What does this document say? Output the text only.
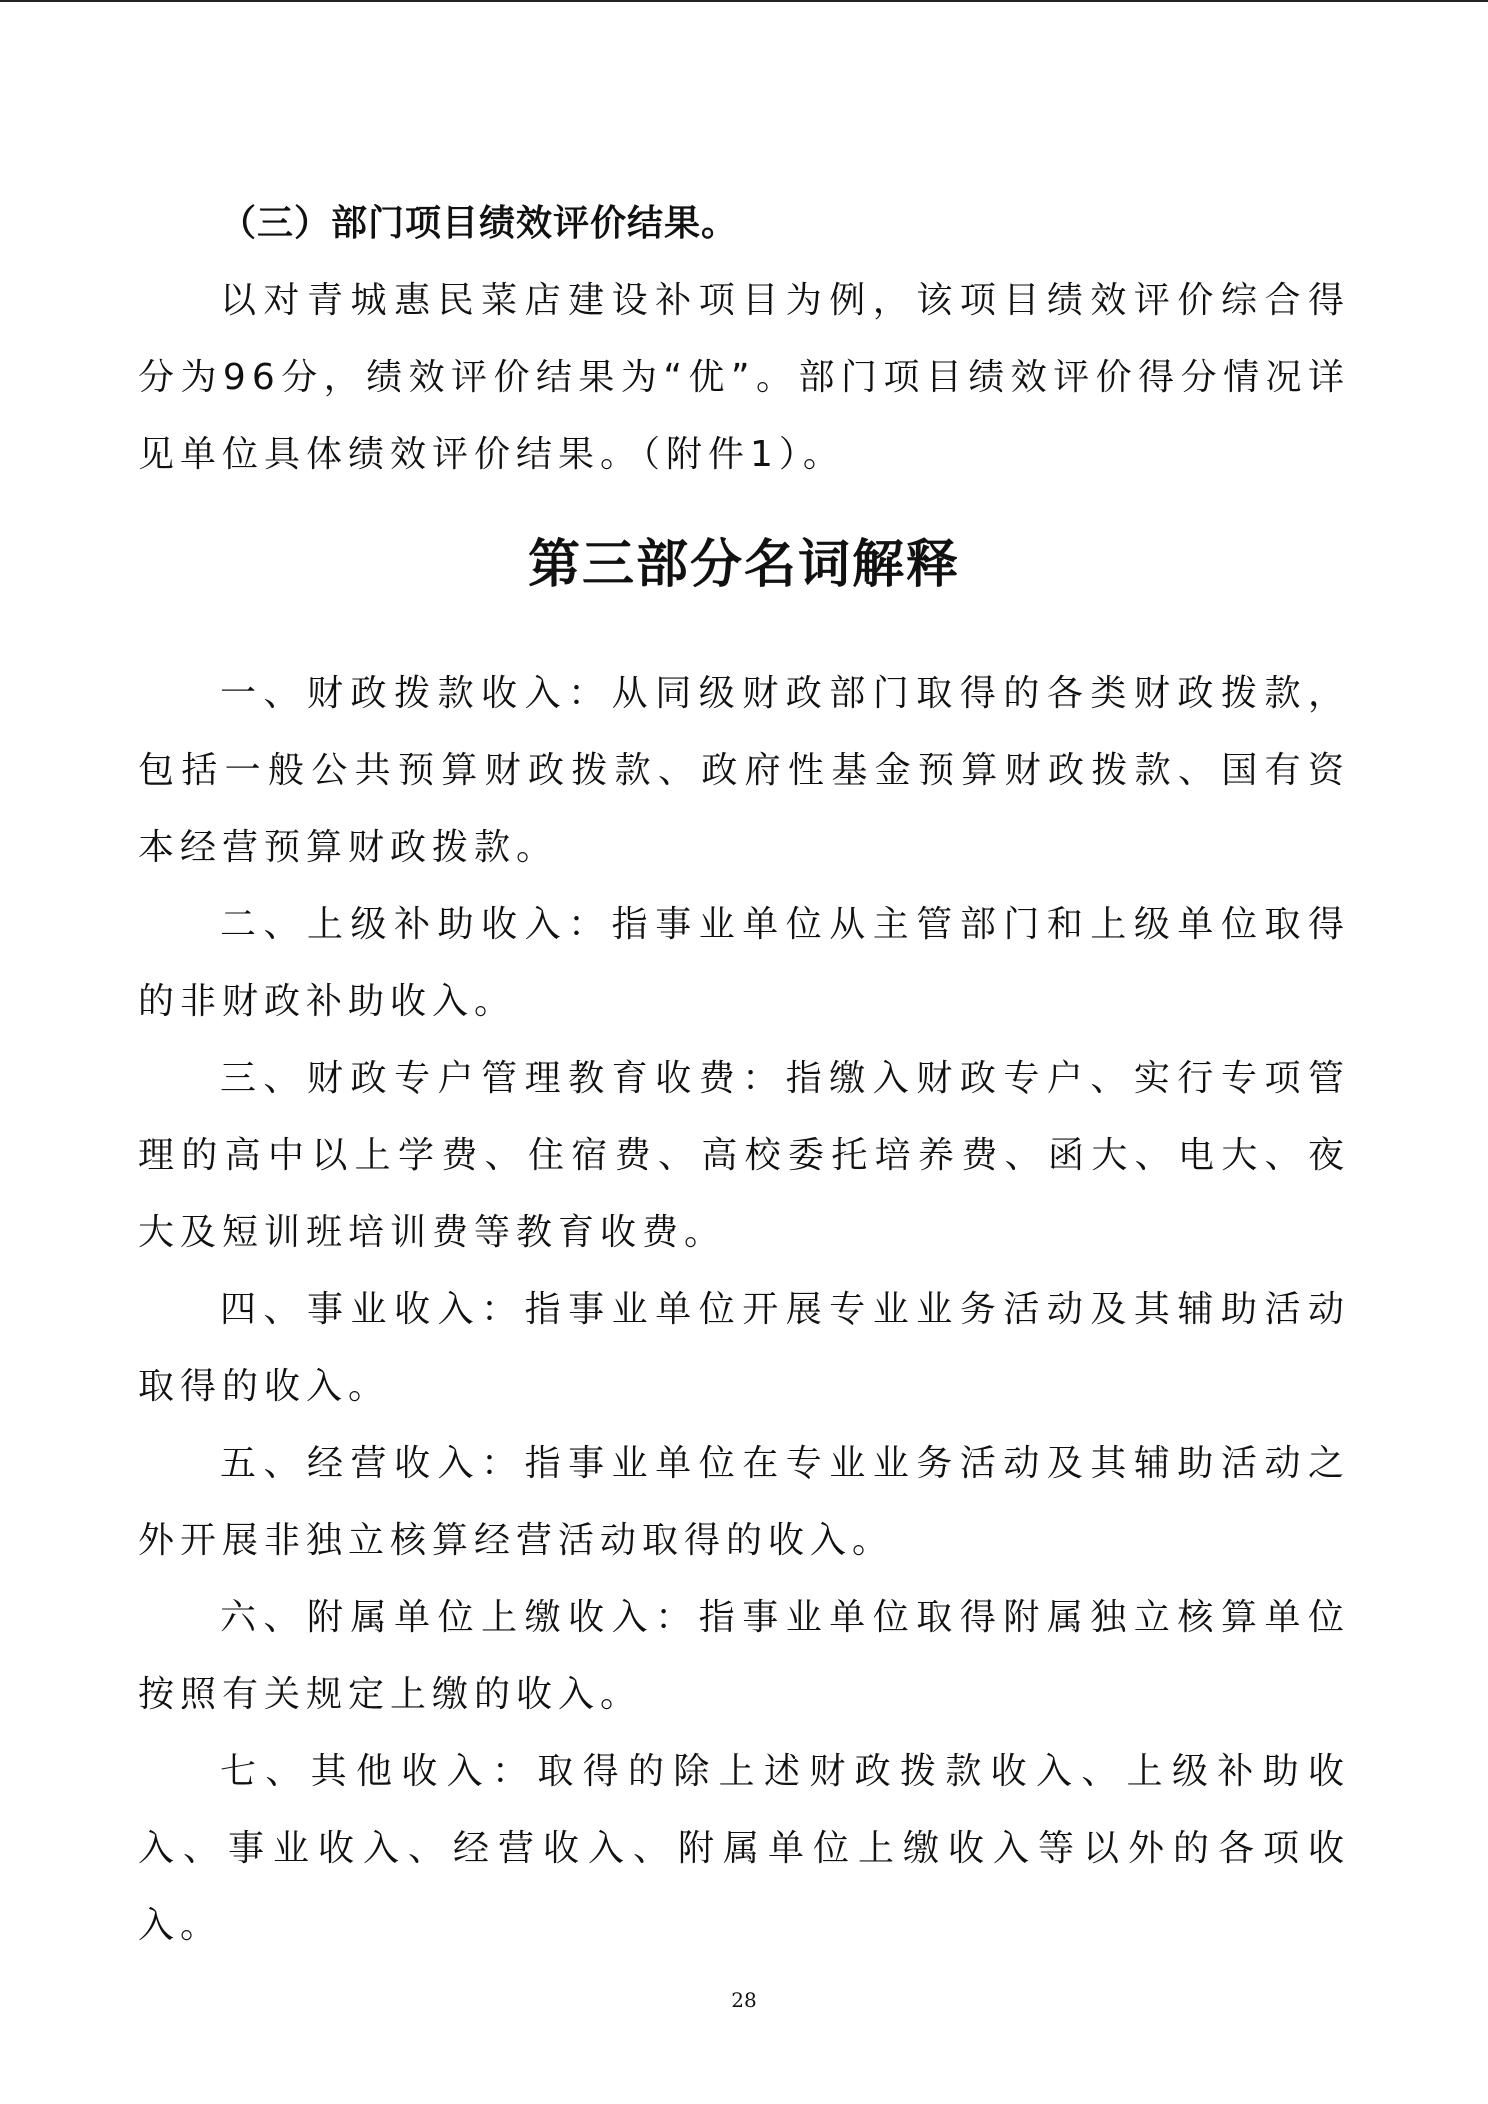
（三）部门项目绩效评价结果。

以对青城惠民菜店建设补项目为例，该项目绩效评价综合得分为96分，绩效评价结果为“优”。部门项目绩效评价得分情况详见单位具体绩效评价结果。（附件1）。

第三部分名词解释

一、财政拨款收入：从同级财政部门取得的各类财政拨款，包括一般公共预算财政拨款、政府性基金预算财政拨款、国有资本经营预算财政拨款。

二、上级补助收入：指事业单位从主管部门和上级单位取得的非财政补助收入。

三、财政专户管理教育收费：指缴入财政专户、实行专项管理的高中以上学费、住宿费、高校委托培养费、函大、电大、夜大及短训班培训费等教育收费。

四、事业收入：指事业单位开展专业业务活动及其辅助活动取得的收入。

五、经营收入：指事业单位在专业业务活动及其辅助活动之外开展非独立核算经营活动取得的收入。

六、附属单位上缴收入：指事业单位取得附属独立核算单位按照有关规定上缴的收入。

七、其他收入：取得的除上述财政拨款收入、上级补助收入、事业收入、经营收入、附属单位上缴收入等以外的各项收入。

28
